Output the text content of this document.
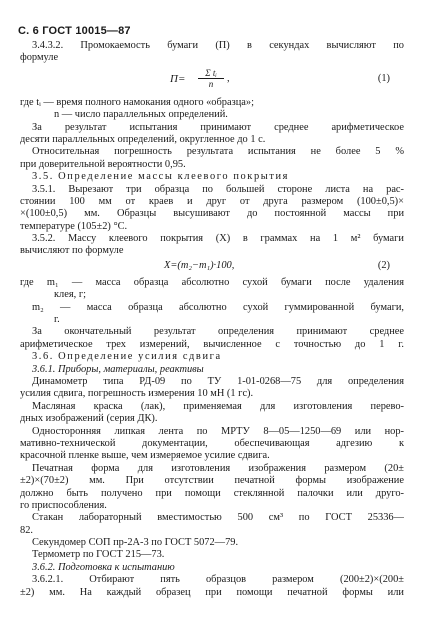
С. 6 ГОСТ 10015—87
3.4.3.2. Промокаемость бумаги (П) в секундах вычисляют по
формуле
$П= \frac{\text{Σ tᵢ}}{n}$ ,	(1)
где tᵢ — время полного намокания одного «образца»;
n — число параллельных определений.
За результат испытания принимают среднее арифметическое
десяти параллельных определений, округленное до 1 с.
Относительная погрешность результата испытания не более 5 %
при доверительной вероятности 0,95.
3.5. Определение массы клеевого покрытия
3.5.1. Вырезают три образца по большей стороне листа на рас-
стоянии 100 мм от краев и друг от друга размером (100±0,5)×
×(100±0,5) мм. Образцы высушивают до постоянной массы при
температуре (105±2) °С.
3.5.2. Массу клеевого покрытия (X) в граммах на 1 м² бумаги
вычисляют по формуле
X=(m₂−m₁)·100,	(2)
где m₁ — масса образца абсолютно сухой бумаги после удаления
клея, г;
m₂ — масса образца абсолютно сухой гуммированной бумаги,
г.
За окончательный результат определения принимают среднее
арифметическое трех измерений, вычисленное с точностью до 1 г.
3.6. Определение усилия сдвига
3.6.1. Приборы, материалы, реактивы
Динамометр типа РД-09 по ТУ 1-01-0268—75 для определения
усилия сдвига, погрешность измерения 10 мН (1 гс).
Масляная краска (лак), применяемая для изготовления перево-
дных изображений (серия ДК).
Односторонняя липкая лента по МРТУ 8—05—1250—69 или нор-
мативно-технической документации, обеспечивающая адгезию к
красочной пленке выше, чем измеряемое усилие сдвига.
Печатная форма для изготовления изображения размером (20±
±2)×(70±2) мм. При отсутствии печатной формы изображение
должно быть получено при помощи стеклянной палочки или друго-
го приспособления.
Стакан лабораторный вместимостью 500 см³ по ГОСТ 25336—
82.
Секундомер СОП пр-2А-3 по ГОСТ 5072—79.
Термометр по ГОСТ 215—73.
3.6.2. Подготовка к испытанию
3.6.2.1. Отбирают пять образцов размером (200±2)×(200±
±2) мм. На каждый образец при помощи печатной формы или
